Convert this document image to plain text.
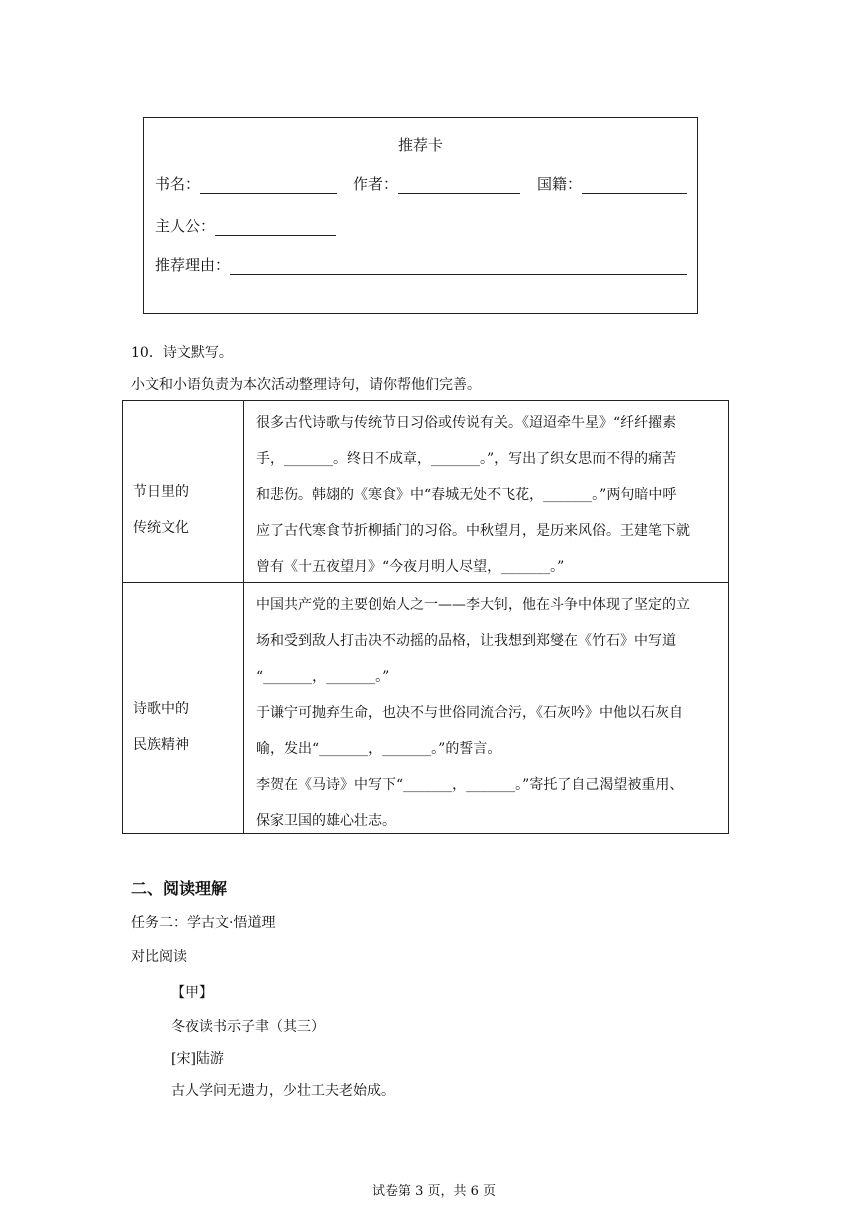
推荐卡
书名：	作者：	国籍：
主人公：
推荐理由：
10．诗文默写。
小文和小语负责为本次活动整理诗句，请你帮他们完善。
节日里的
传统文化

很多古代诗歌与传统节日习俗或传说有关。《迢迢牵牛星》“纤纤擢素

手，_______。终日不成章，_______。”，写出了织女思而不得的痛苦

和悲伤。韩翃的《寒食》中“春城无处不飞花，_______。”两句暗中呼

应了古代寒食节折柳插门的习俗。中秋望月，是历来风俗。王建笔下就

曾有《十五夜望月》“今夜月明人尽望，_______。”

诗歌中的
民族精神

中国共产党的主要创始人之一——李大钊，他在斗争中体现了坚定的立

场和受到敌人打击决不动摇的品格，让我想到郑燮在《竹石》中写道

“_______，_______。”

于谦宁可抛弃生命，也决不与世俗同流合污，《石灰吟》中他以石灰自

喻，发出“_______，_______。”的誓言。

李贺在《马诗》中写下“_______，_______。”寄托了自己渴望被重用、

保家卫国的雄心壮志。

二、阅读理解
任务二：学古文·悟道理
对比阅读
【甲】
冬夜读书示子聿（其三）
[宋]陆游
古人学问无遗力，少壮工夫老始成。
试卷第 3 页，共 6 页
